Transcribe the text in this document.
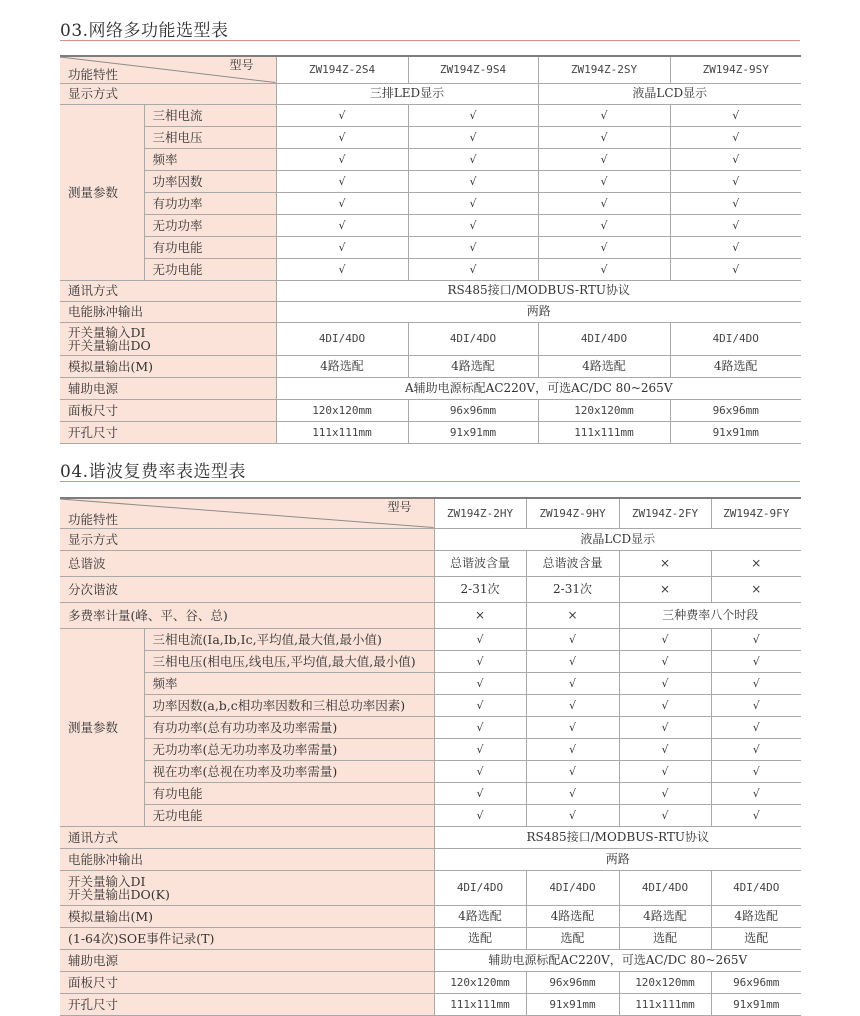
03.网络多功能选型表
型号
功能特性		ZW194Z-2S4	ZW194Z-9S4	ZW194Z-2SY	ZW194Z-9SY
显示方式		三排LED显示		液晶LCD显示	
测量参数	三相电流	√	√	√	√
	三相电压	√	√	√	√
	频率	√	√	√	√
	功率因数	√	√	√	√
	有功功率	√	√	√	√
	无功功率	√	√	√	√
	有功电能	√	√	√	√
	无功电能	√	√	√	√
通讯方式		RS485接口/MODBUS-RTU协议			
电能脉冲输出		两路			
开关量输入DI
开关量输出DO		4DI/4DO	4DI/4DO	4DI/4DO	4DI/4DO
模拟量输出(M)		4路选配	4路选配	4路选配	4路选配
辅助电源		A辅助电源标配AC220V，可选AC/DC 80~265V			
面板尺寸		120x120mm	96x96mm	120x120mm	96x96mm
开孔尺寸		111x111mm	91x91mm	111x111mm	91x91mm
04.谐波复费率表选型表
型号
功能特性		ZW194Z-2HY	ZW194Z-9HY	ZW194Z-2FY	ZW194Z-9FY
显示方式		液晶LCD显示			
总谐波		总谐波含量	总谐波含量	×	×
分次谐波		2-31次	2-31次	×	×
多费率计量(峰、平、谷、总)		×	×	三种费率八个时段	
测量参数	三相电流(Ia,Ib,Ic,平均值,最大值,最小值)	√	√	√	√
	三相电压(相电压,线电压,平均值,最大值,最小值)	√	√	√	√
	频率	√	√	√	√
	功率因数(a,b,c相功率因数和三相总功率因素)	√	√	√	√
	有功功率(总有功功率及功率需量)	√	√	√	√
	无功功率(总无功功率及功率需量)	√	√	√	√
	视在功率(总视在功率及功率需量)	√	√	√	√
	有功电能	√	√	√	√
	无功电能	√	√	√	√
通讯方式		RS485接口/MODBUS-RTU协议			
电能脉冲输出		两路			
开关量输入DI
开关量输出DO(K)		4DI/4DO	4DI/4DO	4DI/4DO	4DI/4DO
模拟量输出(M)		4路选配	4路选配	4路选配	4路选配
(1-64次)SOE事件记录(T)		选配	选配	选配	选配
辅助电源		辅助电源标配AC220V，可选AC/DC 80~265V			
面板尺寸		120x120mm	96x96mm	120x120mm	96x96mm
开孔尺寸		111x111mm	91x91mm	111x111mm	91x91mm
